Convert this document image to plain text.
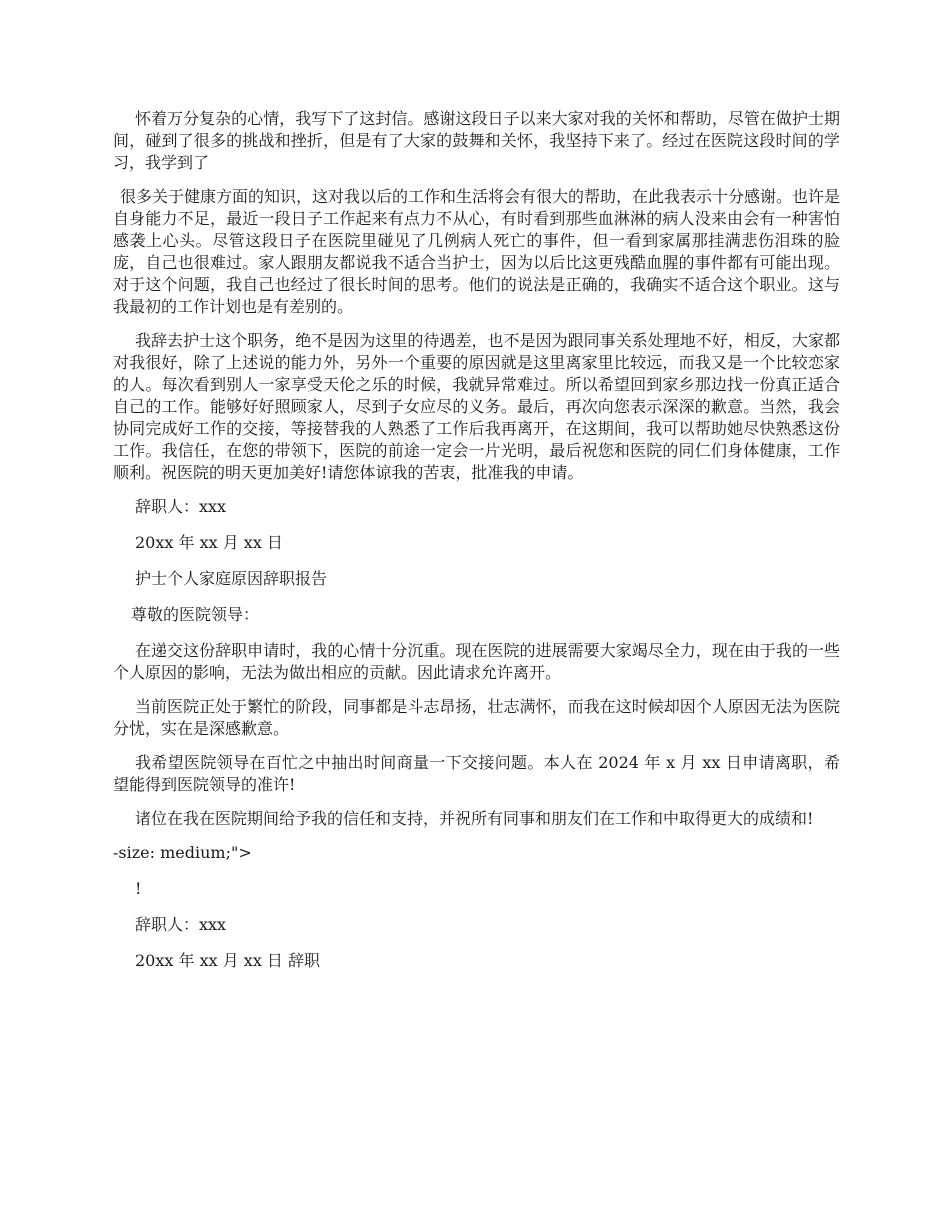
怀着万分复杂的心情，我写下了这封信。感谢这段日子以来大家对我的关怀和帮助，尽管在做护士期间，碰到了很多的挑战和挫折，但是有了大家的鼓舞和关怀，我坚持下来了。经过在医院这段时间的学习，我学到了

很多关于健康方面的知识，这对我以后的工作和生活将会有很大的帮助，在此我表示十分感谢。也许是自身能力不足，最近一段日子工作起来有点力不从心，有时看到那些血淋淋的病人没来由会有一种害怕感袭上心头。尽管这段日子在医院里碰见了几例病人死亡的事件，但一看到家属那挂满悲伤泪珠的脸庞，自己也很难过。家人跟朋友都说我不适合当护士，因为以后比这更残酷血腥的事件都有可能出现。对于这个问题，我自己也经过了很长时间的思考。他们的说法是正确的，我确实不适合这个职业。这与我最初的工作计划也是有差别的。

我辞去护士这个职务，绝不是因为这里的待遇差，也不是因为跟同事关系处理地不好，相反，大家都对我很好，除了上述说的能力外，另外一个重要的原因就是这里离家里比较远，而我又是一个比较恋家的人。每次看到别人一家享受天伦之乐的时候，我就异常难过。所以希望回到家乡那边找一份真正适合自己的工作。能够好好照顾家人，尽到子女应尽的义务。最后，再次向您表示深深的歉意。当然，我会协同完成好工作的交接，等接替我的人熟悉了工作后我再离开，在这期间，我可以帮助她尽快熟悉这份工作。我信任，在您的带领下，医院的前途一定会一片光明，最后祝您和医院的同仁们身体健康，工作顺利。祝医院的明天更加美好!请您体谅我的苦衷，批准我的申请。

辞职人：xxx
20xx 年 xx 月 xx 日
护士个人家庭原因辞职报告
尊敬的医院领导：

在递交这份辞职申请时，我的心情十分沉重。现在医院的进展需要大家竭尽全力，现在由于我的一些个人原因的影响，无法为做出相应的贡献。因此请求允许离开。

当前医院正处于繁忙的阶段，同事都是斗志昂扬，壮志满怀，而我在这时候却因个人原因无法为医院分忧，实在是深感歉意。

我希望医院领导在百忙之中抽出时间商量一下交接问题。本人在 2024 年 x 月 xx 日申请离职，希望能得到医院领导的准许!

诸位在我在医院期间给予我的信任和支持，并祝所有同事和朋友们在工作和中取得更大的成绩和!

-size: medium;">
!
辞职人：xxx
20xx 年 xx 月 xx 日 辞职
